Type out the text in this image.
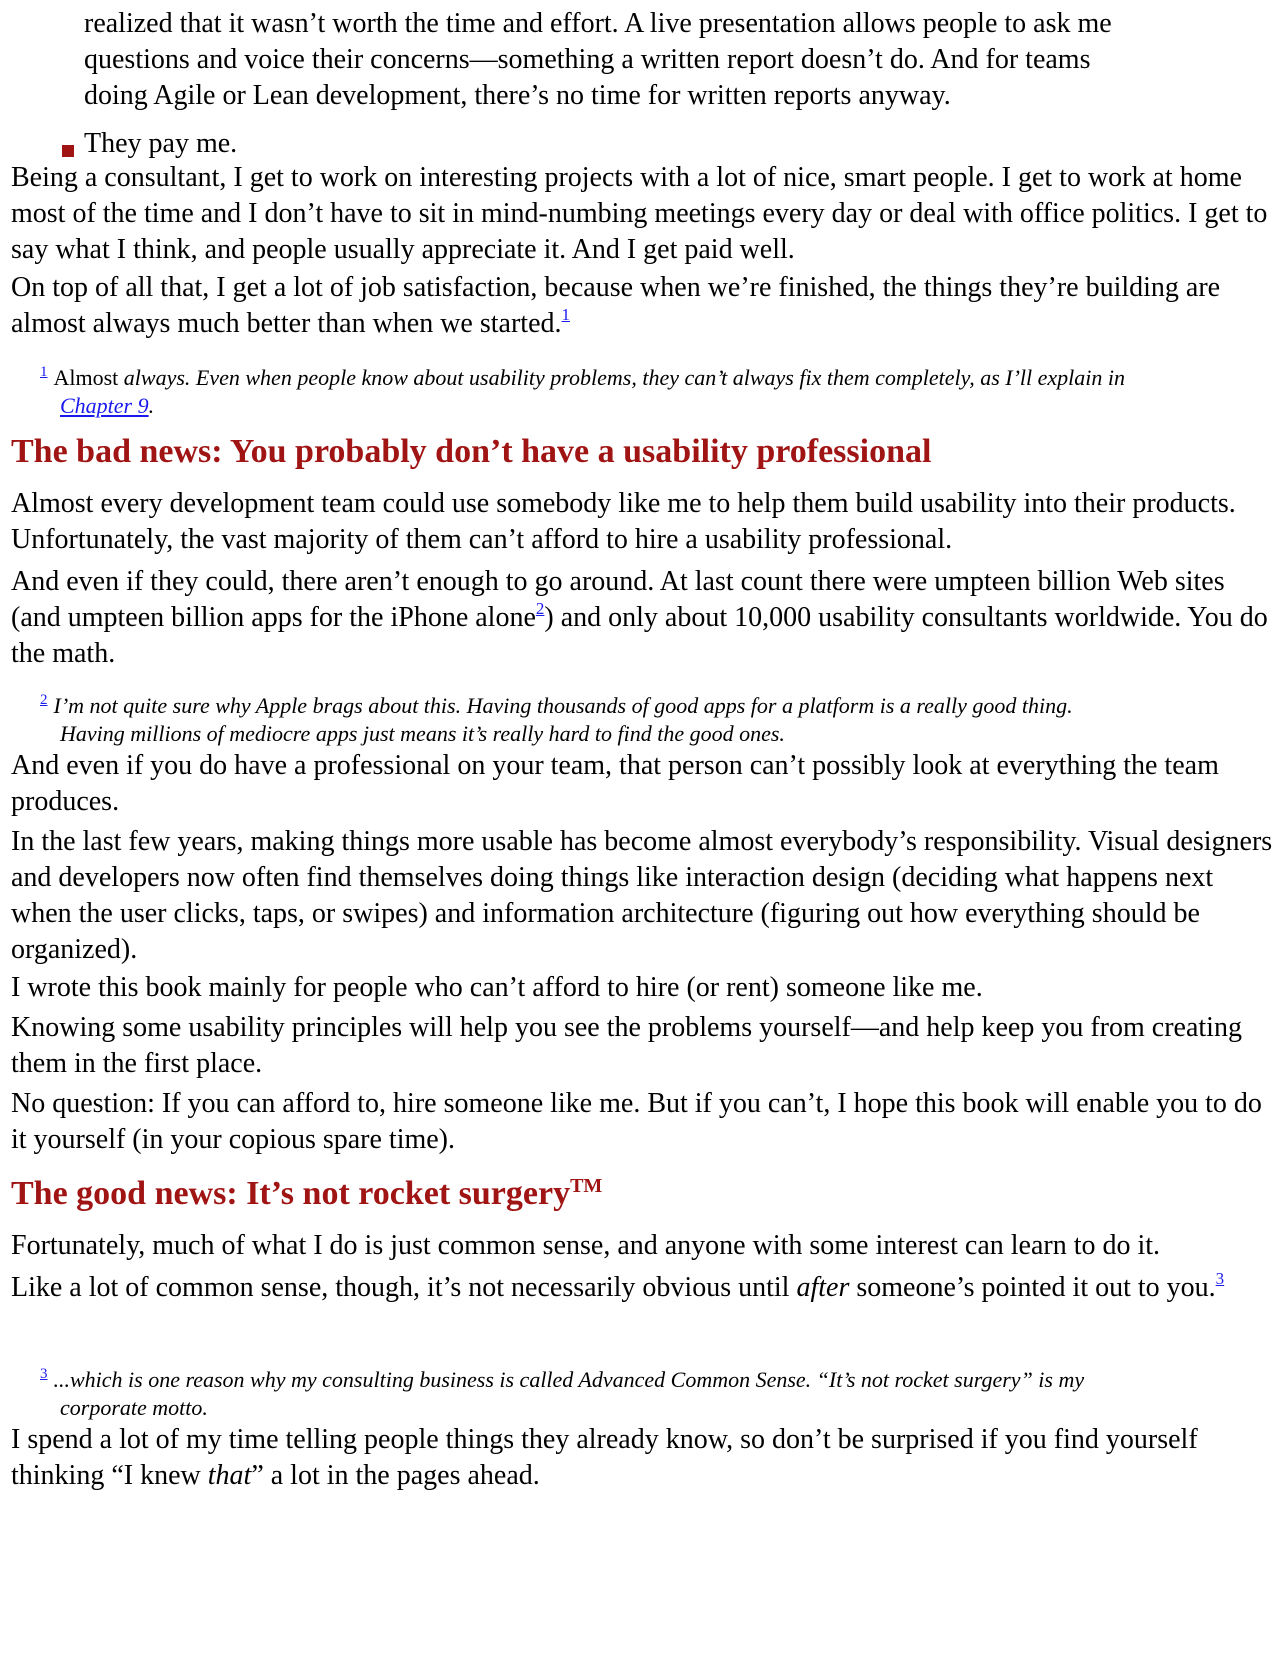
realized that it wasn’t worth the time and effort. A live presentation allows people to ask me
questions and voice their concerns—something a written report doesn’t do. And for teams
doing Agile or Lean development, there’s no time for written reports anyway.
They pay me.

Being a consultant, I get to work on interesting projects with a lot of nice, smart people. I get to work at home most of the time and I don’t have to sit in mind-numbing meetings every day or deal with office politics. I get to say what I think, and people usually appreciate it. And I get paid well.

On top of all that, I get a lot of job satisfaction, because when we’re finished, the things they’re building are almost always much better than when we started.$^1$

$^1$ Almost always. Even when people know about usability problems, they can’t always fix them completely, as I’ll explain in
Chapter 9.
The bad news: You probably don’t have a usability professional

Almost every development team could use somebody like me to help them build usability into their products. Unfortunately, the vast majority of them can’t afford to hire a usability professional.

And even if they could, there aren’t enough to go around. At last count there were umpteen billion Web sites (and umpteen billion apps for the iPhone alone$^2$) and only about 10,000 usability consultants worldwide. You do the math.

$^2$ I’m not quite sure why Apple brags about this. Having thousands of good apps for a platform is a really good thing.
Having millions of mediocre apps just means it’s really hard to find the good ones.

And even if you do have a professional on your team, that person can’t possibly look at everything the team produces.

In the last few years, making things more usable has become almost everybody’s responsibility. Visual designers and developers now often find themselves doing things like interaction design (deciding what happens next when the user clicks, taps, or swipes) and information architecture (figuring out how everything should be organized).

I wrote this book mainly for people who can’t afford to hire (or rent) someone like me.

Knowing some usability principles will help you see the problems yourself—and help keep you from creating them in the first place.

No question: If you can afford to, hire someone like me. But if you can’t, I hope this book will enable you to do it yourself (in your copious spare time).

The good news: It’s not rocket surgery™

Fortunately, much of what I do is just common sense, and anyone with some interest can learn to do it.

Like a lot of common sense, though, it’s not necessarily obvious until after someone’s pointed it out to you.$^3$

$^3$ ...which is one reason why my consulting business is called Advanced Common Sense. “It’s not rocket surgery” is my
corporate motto.

I spend a lot of my time telling people things they already know, so don’t be surprised if you find yourself thinking “I knew that” a lot in the pages ahead.
